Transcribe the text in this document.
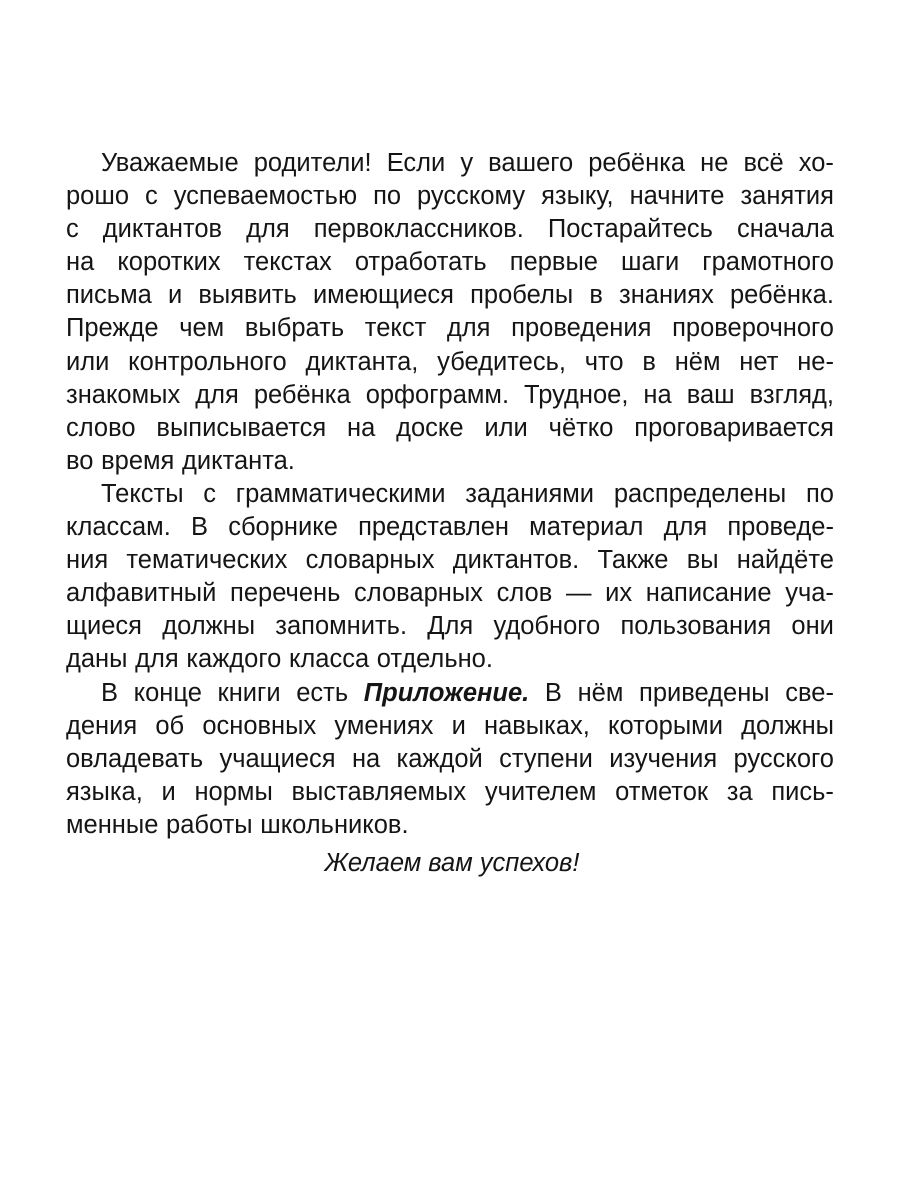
Уважаемые родители! Если у вашего ребёнка не всё хо-
рошо с успеваемостью по русскому языку, начните занятия
с диктантов для первоклассников. Постарайтесь сначала
на коротких текстах отработать первые шаги грамотного
письма и выявить имеющиеся пробелы в знаниях ребёнка.
Прежде чем выбрать текст для проведения проверочного
или контрольного диктанта, убедитесь, что в нём нет не-
знакомых для ребёнка орфограмм. Трудное, на ваш взгляд,
слово выписывается на доске или чётко проговаривается
во время диктанта.
Тексты с грамматическими заданиями распределены по
классам. В сборнике представлен материал для проведе-
ния тематических словарных диктантов. Также вы найдёте
алфавитный перечень словарных слов — их написание уча-
щиеся должны запомнить. Для удобного пользования они
даны для каждого класса отдельно.
В конце книги есть Приложение. В нём приведены све-
дения об основных умениях и навыках, которыми должны
овладевать учащиеся на каждой ступени изучения русского
языка, и нормы выставляемых учителем отметок за пись-
менные работы школьников.
Желаем вам успехов!
